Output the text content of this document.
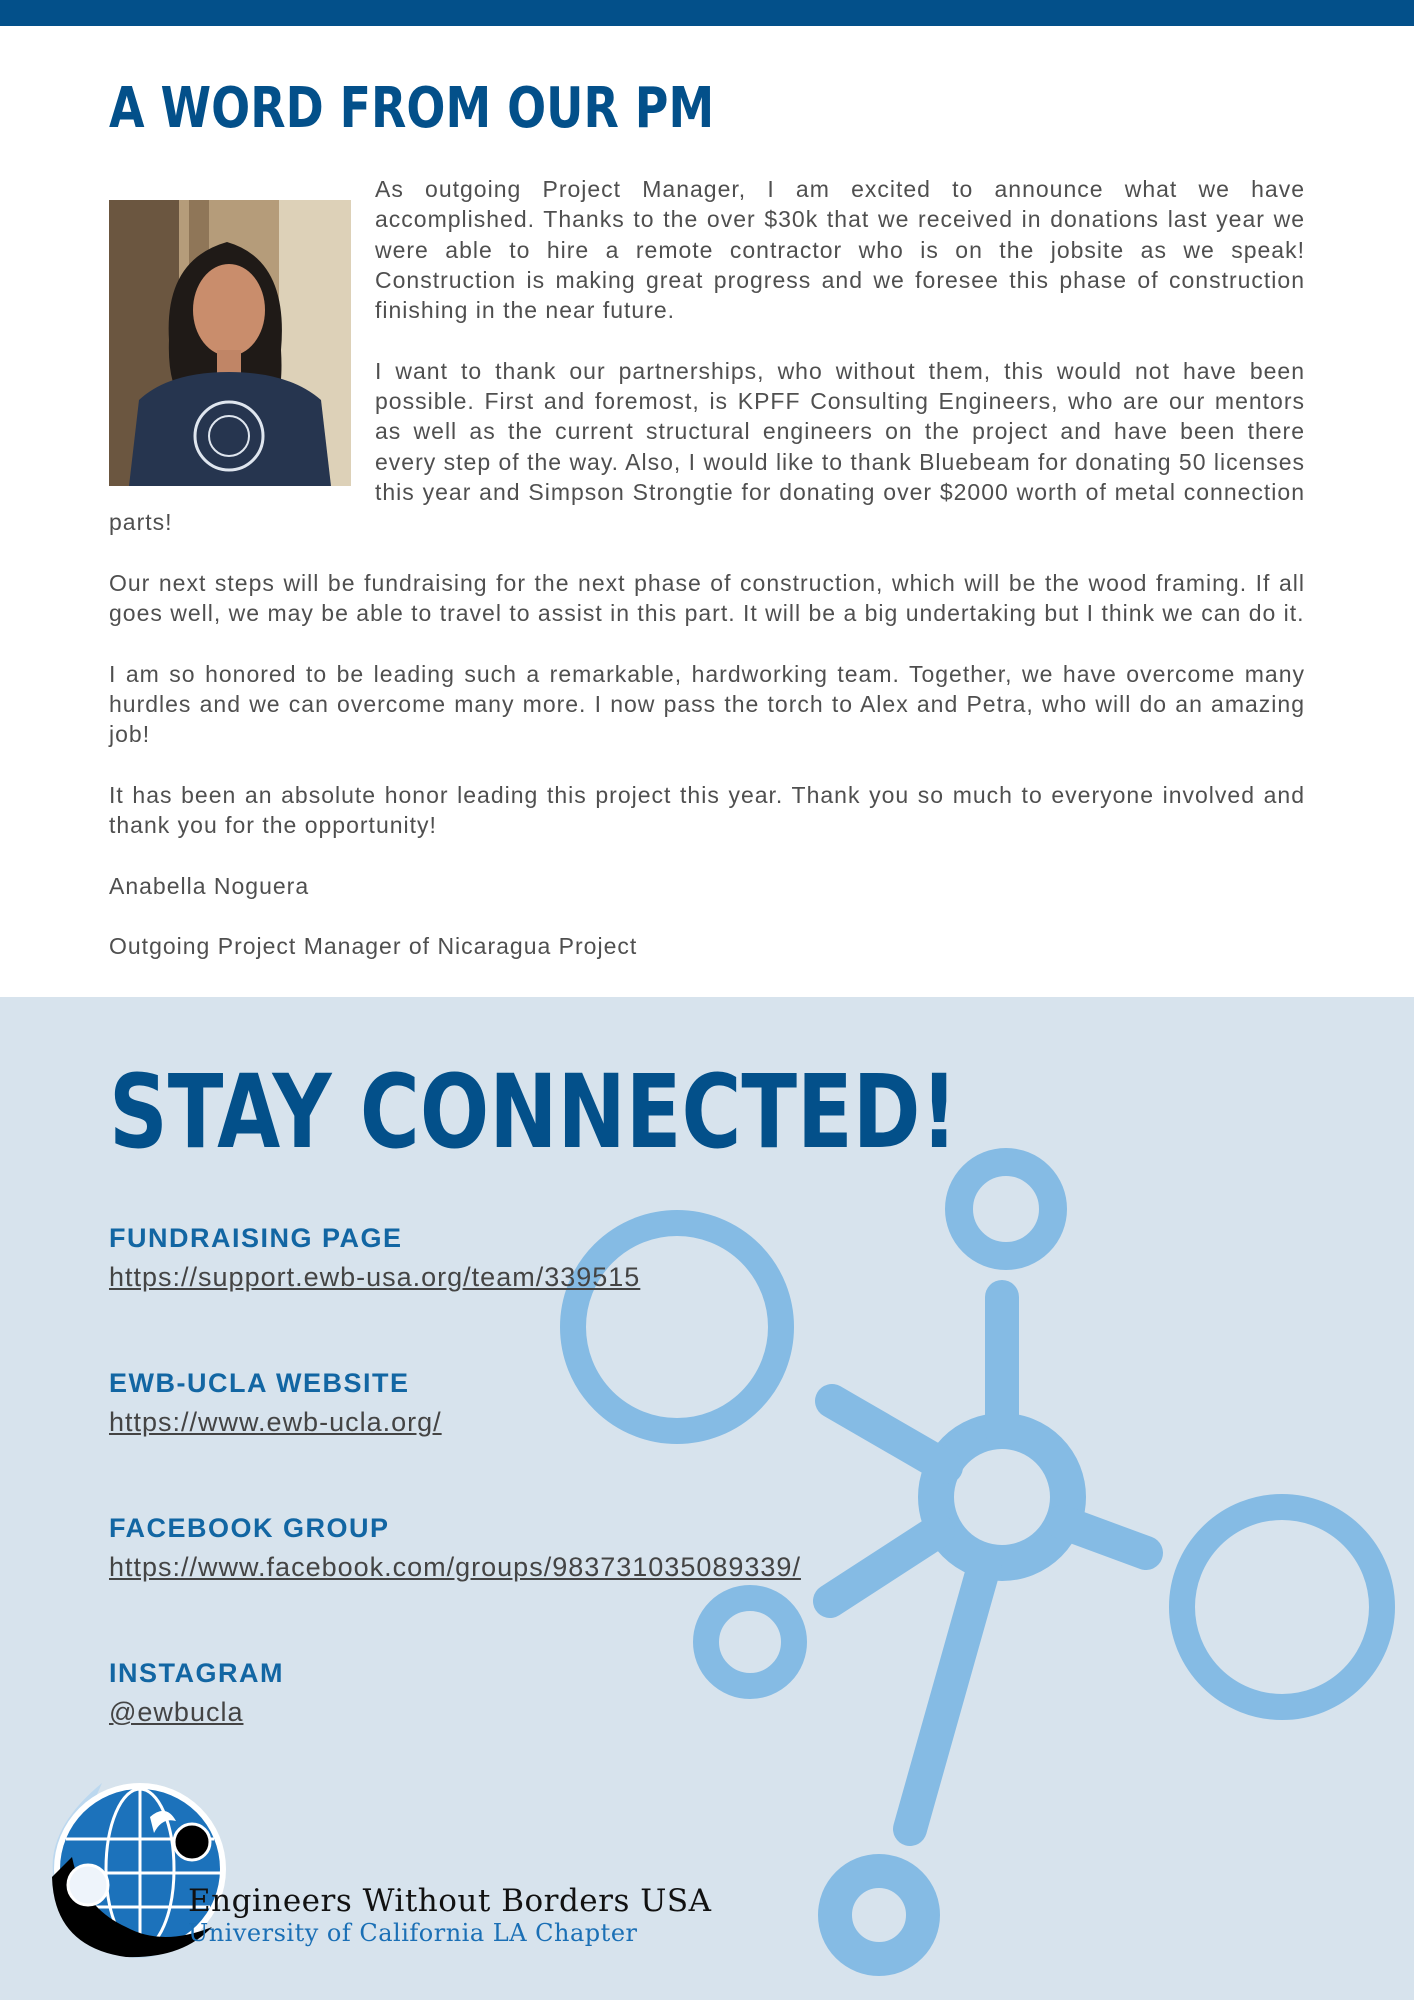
A WORD FROM OUR PM

As outgoing Project Manager, I am excited to announce what we have accomplished. Thanks to the over $30k that we received in donations last year we were able to hire a remote contractor who is on the jobsite as we speak! Construction is making great progress and we foresee this phase of construction finishing in the near future.

I want to thank our partnerships, who without them, this would not have been possible. First and foremost, is KPFF Consulting Engineers, who are our mentors as well as the current structural engineers on the project and have been there every step of the way. Also, I would like to thank Bluebeam for donating 50 licenses this year and Simpson Strongtie for donating over $2000 worth of metal connection parts!

Our next steps will be fundraising for the next phase of construction, which will be the wood framing. If all goes well, we may be able to travel to assist in this part. It will be a big undertaking but I think we can do it.

I am so honored to be leading such a remarkable, hardworking team. Together, we have overcome many hurdles and we can overcome many more. I now pass the torch to Alex and Petra, who will do an amazing job!

It has been an absolute honor leading this project this year. Thank you so much to everyone involved and thank you for the opportunity!

Anabella Noguera

Outgoing Project Manager of Nicaragua Project

STAY CONNECTED!

FUNDRAISING PAGE

https://support.ewb-usa.org/team/339515

EWB-UCLA WEBSITE

https://www.ewb-ucla.org/

FACEBOOK GROUP

https://www.facebook.com/groups/983731035089339/

INSTAGRAM

@ewbucla

Engineers Without Borders USA

University of California LA Chapter
